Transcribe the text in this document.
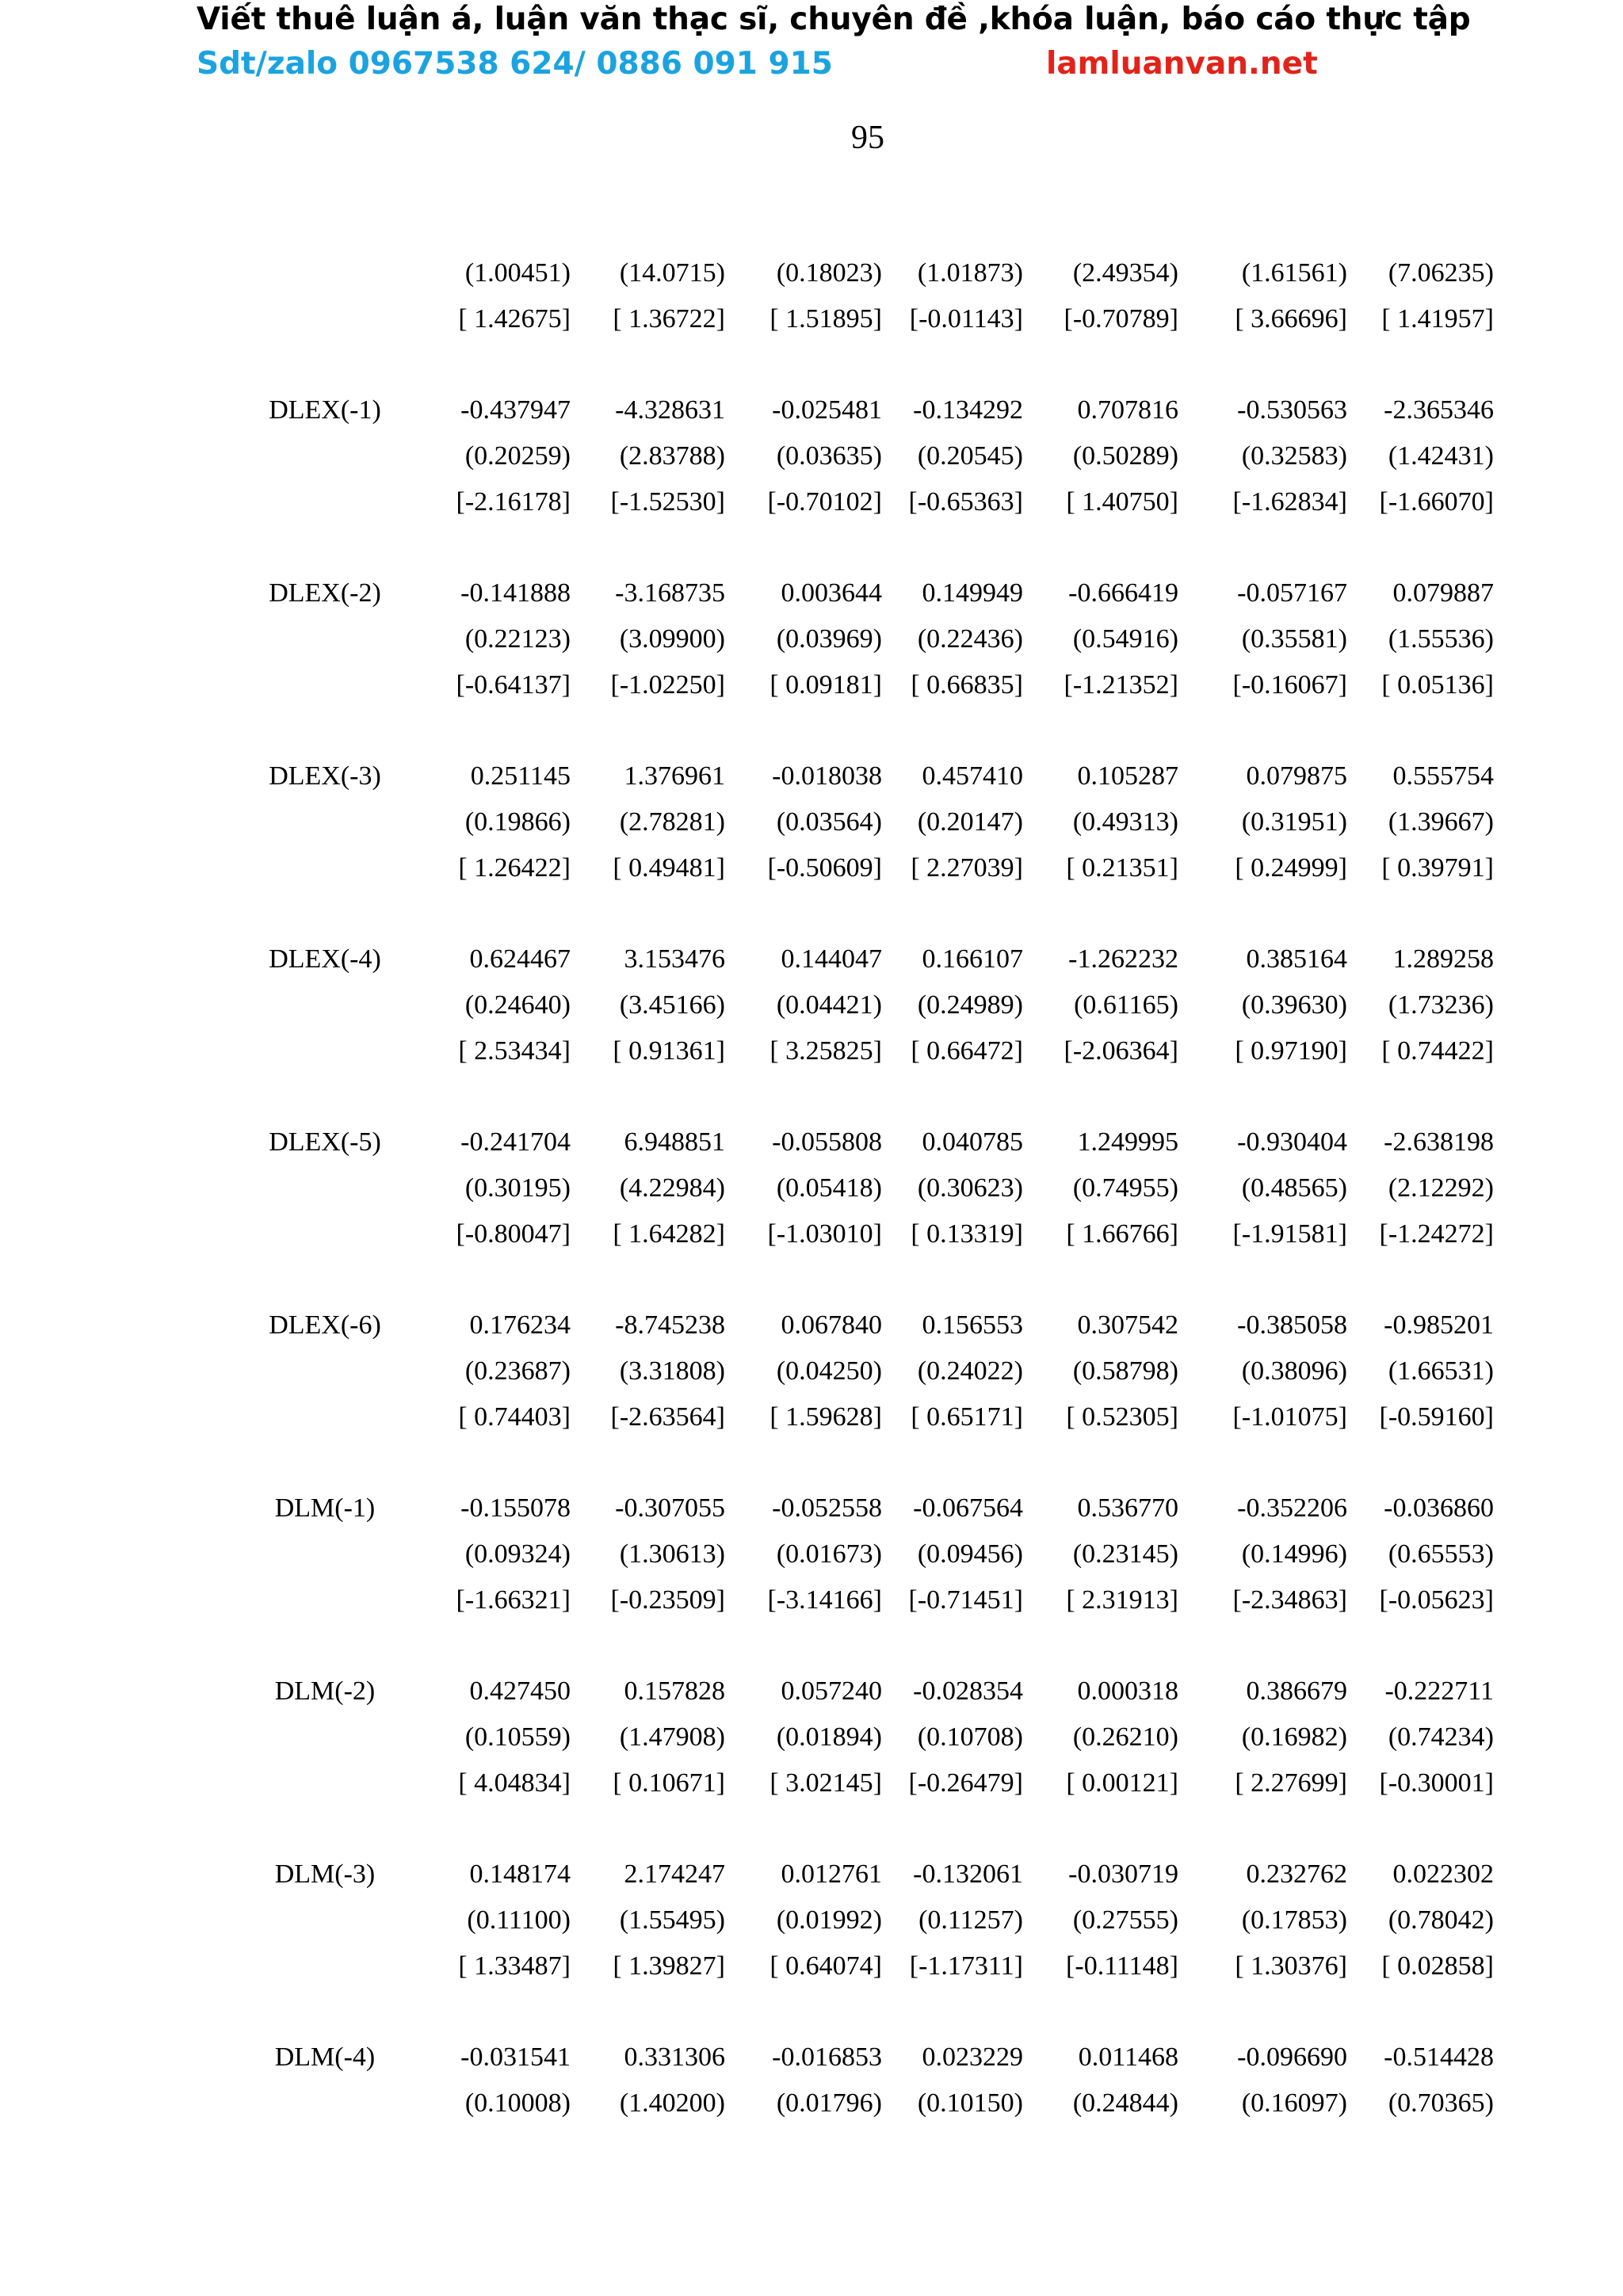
Viết thuê luận á, luận văn thạc sĩ, chuyên đề ,khóa luận, báo cáo thực tập
Sdt/zalo 0967538 624/ 0886 091 915	lamluanvan.net
95
(1.00451)	(14.0715)	(0.18023)	(1.01873)	(2.49354)	(1.61561)	(7.06235)
[ 1.42675]	[ 1.36722]	[ 1.51895]	[-0.01143]	[-0.70789]	[ 3.66696]	[ 1.41957]
DLEX(-1)	-0.437947	-4.328631	-0.025481	-0.134292	0.707816	-0.530563	-2.365346
(0.20259)	(2.83788)	(0.03635)	(0.20545)	(0.50289)	(0.32583)	(1.42431)
[-2.16178]	[-1.52530]	[-0.70102] [-0.65363]	[ 1.40750]	[-1.62834]	[-1.66070]
DLEX(-2)	-0.141888	-3.168735	0.003644	0.149949	-0.666419	-0.057167	0.079887
(0.22123)	(3.09900)	(0.03969)	(0.22436)	(0.54916)	(0.35581)	(1.55536)
[-0.64137]	[-1.02250]	[ 0.09181]	[ 0.66835]	[-1.21352]	[-0.16067]	[ 0.05136]
DLEX(-3)	0.251145	1.376961	-0.018038	0.457410	0.105287	0.079875	0.555754
(0.19866)	(2.78281)	(0.03564)	(0.20147)	(0.49313)	(0.31951)	(1.39667)
[ 1.26422]	[ 0.49481]	[-0.50609]	[ 2.27039]	[ 0.21351]	[ 0.24999]	[ 0.39791]
DLEX(-4)	0.624467	3.153476	0.144047	0.166107	-1.262232	0.385164	1.289258
(0.24640)	(3.45166)	(0.04421)	(0.24989)	(0.61165)	(0.39630)	(1.73236)
[ 2.53434]	[ 0.91361]	[ 3.25825]	[ 0.66472]	[-2.06364]	[ 0.97190]	[ 0.74422]
DLEX(-5)	-0.241704	6.948851	-0.055808	0.040785	1.249995	-0.930404	-2.638198
(0.30195)	(4.22984)	(0.05418)	(0.30623)	(0.74955)	(0.48565)	(2.12292)
[-0.80047]	[ 1.64282]	[-1.03010]	[ 0.13319]	[ 1.66766]	[-1.91581]	[-1.24272]
DLEX(-6)	0.176234	-8.745238	0.067840	0.156553	0.307542	-0.385058	-0.985201
(0.23687)	(3.31808)	(0.04250)	(0.24022)	(0.58798)	(0.38096)	(1.66531)
[ 0.74403]	[-2.63564]	[ 1.59628]	[ 0.65171]	[ 0.52305]	[-1.01075]	[-0.59160]
DLM(-1)	-0.155078	-0.307055	-0.052558	-0.067564	0.536770	-0.352206	-0.036860
(0.09324)	(1.30613)	(0.01673)	(0.09456)	(0.23145)	(0.14996)	(0.65553)
[-1.66321]	[-0.23509]	[-3.14166] [-0.71451]	[ 2.31913]	[-2.34863]	[-0.05623]
DLM(-2)	0.427450	0.157828	0.057240	-0.028354	0.000318	0.386679	-0.222711
(0.10559)	(1.47908)	(0.01894)	(0.10708)	(0.26210)	(0.16982)	(0.74234)
[ 4.04834]	[ 0.10671]	[ 3.02145] [-0.26479]	[ 0.00121]	[ 2.27699]	[-0.30001]
DLM(-3)	0.148174	2.174247	0.012761	-0.132061	-0.030719	0.232762	0.022302
(0.11100)	(1.55495)	(0.01992)	(0.11257)	(0.27555)	(0.17853)	(0.78042)
[ 1.33487]	[ 1.39827]	[ 0.64074]	[-1.17311]	[-0.11148]	[ 1.30376]	[ 0.02858]
DLM(-4)	-0.031541	0.331306	-0.016853	0.023229	0.011468	-0.096690	-0.514428
(0.10008)	(1.40200)	(0.01796)	(0.10150)	(0.24844)	(0.16097)	(0.70365)
